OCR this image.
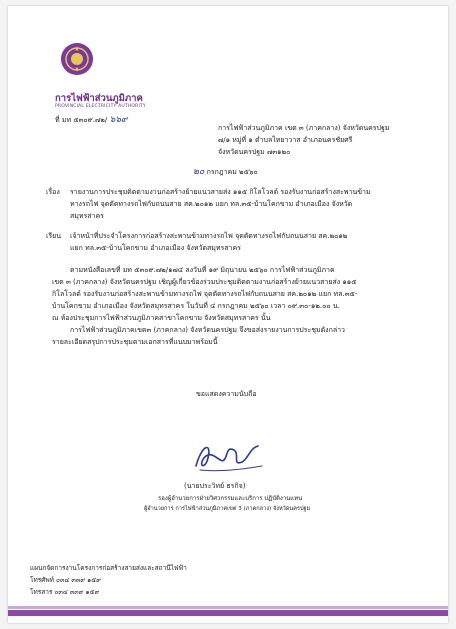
การไฟฟ้าส่วนภูมิภาค
PROVINCIAL ELECTRICITY AUTHORITY
ที่ มท ๕๓๐๙.๗๒/ ๖๖๙
การไฟฟ้าส่วนภูมิภาค เขต ๓ (ภาคกลาง) จังหวัดนครปฐม
๗/๑ หมู่ที่ ๑ ตำบลไทยาวาส อำเภอนครชัยศรี
จังหวัดนครปฐม ๗๓๑๒๐
๒๐ กรกฎาคม ๒๕๖๐
เรื่อง รายงานการประชุมติดตามงานก่อสร้างย้ายแนวสายส่ง ๑๑๕ กิโลโวลต์ รองรับงานก่อสร้างสะพานข้าม
ทางรถไฟ จุดตัดทางรถไฟกับถนนสาย สค.๒๐๑๒ แยก ทล.๓๕-บ้านโคกขาม อำเภอเมือง จังหวัด
สมุทรสาคร
เรียน เจ้าหน้าที่ประจำโครงการก่อสร้างสะพานข้ามทางรถไฟ จุดตัดทางรถไฟกับถนนสาย สค.๒๐๑๒
แยก ทล.๓๕-บ้านโคกขาม อำเภอเมือง จังหวัดสมุทรสาคร
ตามหนังสือเลขที่ มท ๕๓๐๙.๗๒/๑๗๔ ลงวันที่ ๑๙ มิถุนายน ๒๕๖๐ การไฟฟ้าส่วนภูมิภาค
เขต ๓ (ภาคกลาง) จังหวัดนครปฐม เชิญผู้เกี่ยวข้องร่วมประชุมติดตามงานก่อสร้างย้ายแนวสายส่ง ๑๑๕
กิโลโวลต์ รองรับงานก่อสร้างสะพานข้ามทางรถไฟ จุดตัดทางรถไฟกับถนนสาย สค.๒๐๑๒ แยก ทล.๓๕-
บ้านโคกขาม อำเภอเมือง จังหวัดสมุทรสาคร ในวันที่ ๔ กรกฎาคม ๒๕๖๐ เวลา ๐๙.๓๐-๑๒.๐๐ น.
ณ ห้องประชุมการไฟฟ้าส่วนภูมิภาคสาขาโคกขาม จังหวัดสมุทรสาคร นั้น
การไฟฟ้าส่วนภูมิภาคเขต๓ (ภาคกลาง) จังหวัดนครปฐม จึงขอส่งรายงานการประชุมดังกล่าว
รายละเอียดสรุปการประชุมตามเอกสารที่แนบมาพร้อมนี้
ขอแสดงความนับถือ
(นายประวิทย์ ธรกิจ)
รองผู้อำนวยการฝ่ายวิศวกรรมและบริการ ปฏิบัติงานแทน
ผู้อำนวยการ การไฟฟ้าส่วนภูมิภาคเขต 3 (ภาคกลาง) จังหวัดนครปฐม
แผนกจัดการงานโครงการก่อสร้างสายส่งและสถานีไฟฟ้า
โทรศัพท์ ๐๓๔ ๓๓๙ ๑๕๙
โทรสาร ๐๓๔ ๓๓๙ ๑๕๙
